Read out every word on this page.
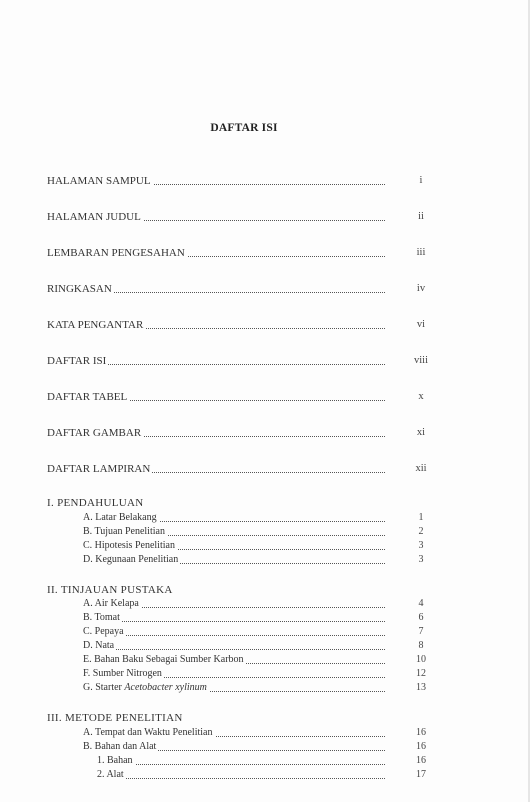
DAFTAR ISI
HALAMAN SAMPUL	i
HALAMAN JUDUL	ii
LEMBARAN PENGESAHAN	iii
RINGKASAN	iv
KATA PENGANTAR	vi
DAFTAR ISI	viii
DAFTAR TABEL	x
DAFTAR GAMBAR	xi
DAFTAR LAMPIRAN	xii
I. PENDAHULUAN
A. Latar Belakang	1
B. Tujuan Penelitian	2
C. Hipotesis Penelitian	3
D. Kegunaan Penelitian	3
II. TINJAUAN PUSTAKA
A. Air Kelapa	4
B. Tomat	6
C. Pepaya	7
D. Nata	8
E. Bahan Baku Sebagai Sumber Karbon	10
F. Sumber Nitrogen	12
G. Starter Acetobacter xylinum	13
III. METODE PENELITIAN
A. Tempat dan Waktu Penelitian	16
B. Bahan dan Alat	16
1. Bahan	16
2. Alat	17
